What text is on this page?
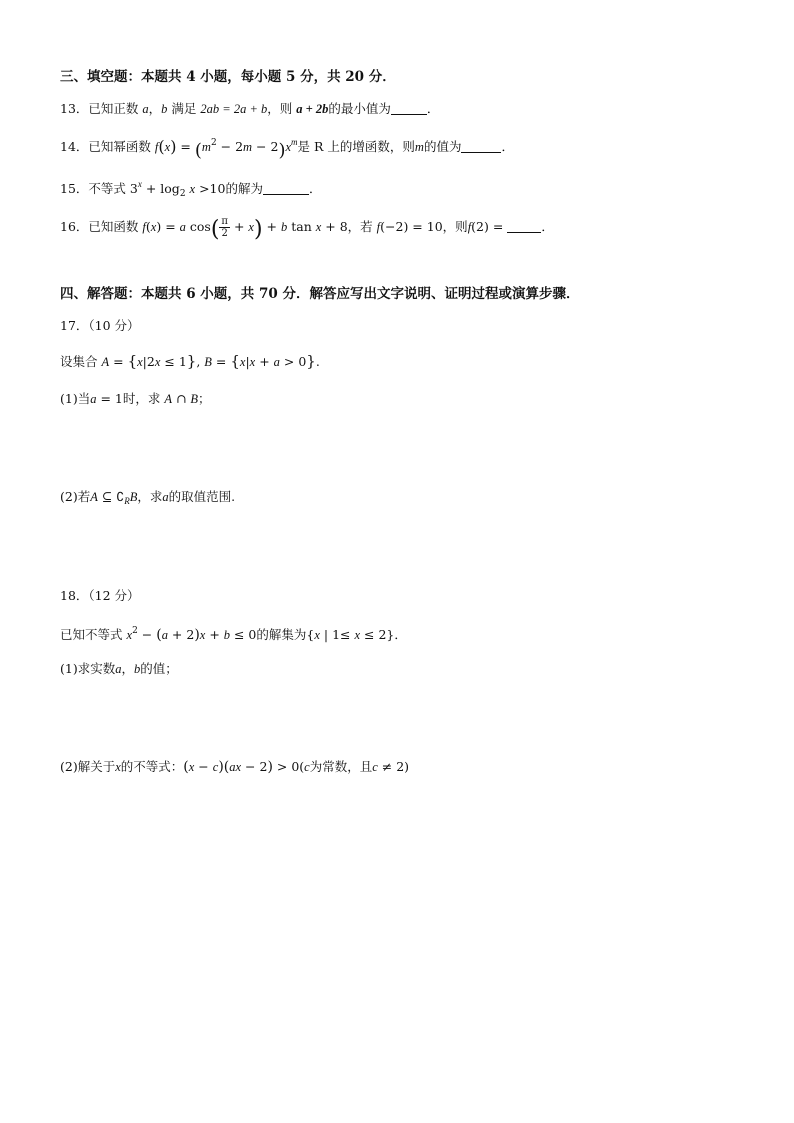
三、填空题：本题共 4 小题，每小题 5 分，共 20 分．
13．已知正数 a，b 满足 2ab = 2a + b，则 a + 2b的最小值为	．
14．已知幂函数 $f(x) = (m^2 - 2m - 2)x^m$是 R 上的增函数，则m的值为	．
15．不等式 $3^x + \log_2 x >10$的解为	．
16．已知函数 f(x) = a $\cos( \frac{\pi}{2} + x) + b$ tan x + 8，若 f(−2) = 10，则f(2) =	．
四、解答题：本题共 6 小题，共 70 分．解答应写出文字说明、证明过程或演算步骤．
17．（10 分）
设集合 A = {x|2x ≤ 1}, B = {x|x + a > 0}.
(1)当a = 1时，求 A ∩ B；
(2)若A ⊆ $∁_RB$，求a的取值范围.
18．（12 分）
已知不等式 $x^2 - (a + 2)x + b \le 0$的解集为{x | 1≤ x ≤ 2}．
(1)求实数a，b的值；
(2)解关于x的不等式：(x − c)(ax − 2) > 0(c为常数，且c ≠ 2)
